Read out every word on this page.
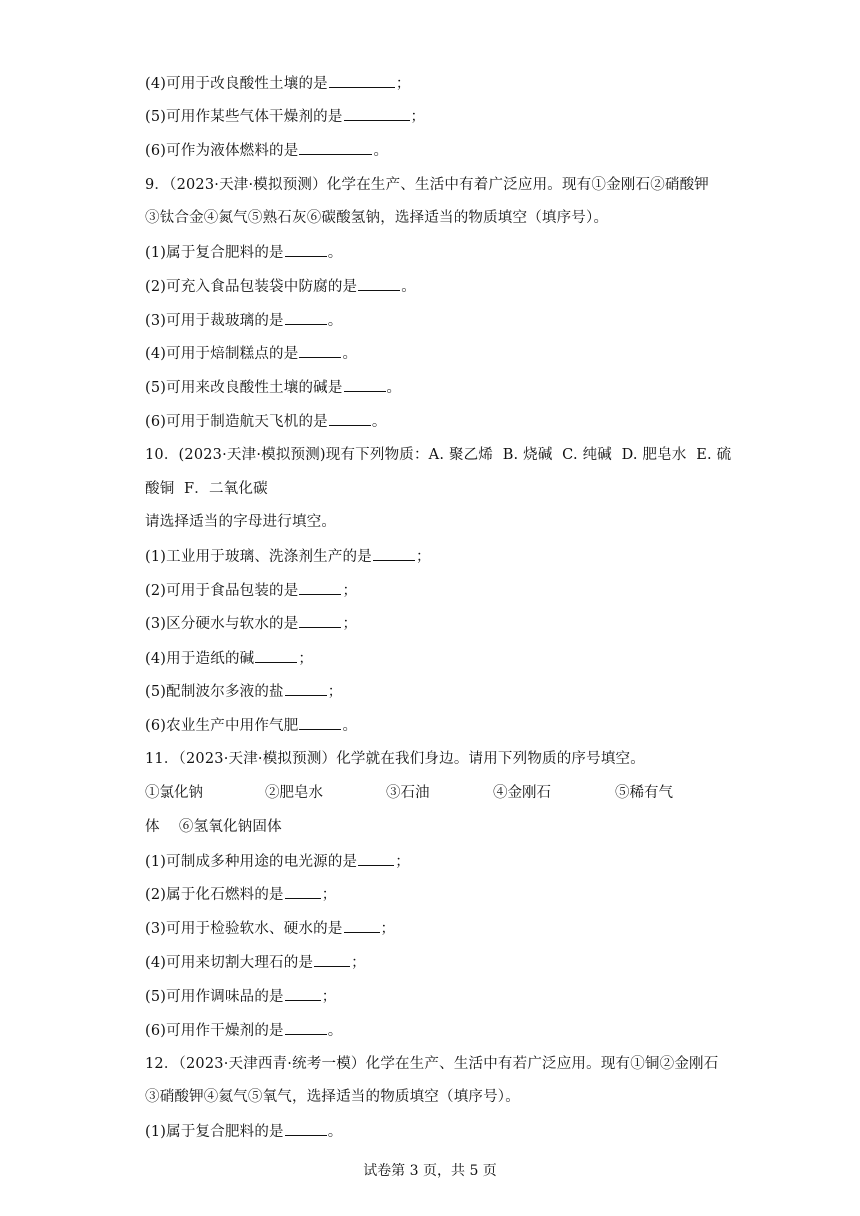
(4)可用于改良酸性土壤的是	；
(5)可用作某些气体干燥剂的是	；
(6)可作为液体燃料的是	。
9．（2023·天津·模拟预测）化学在生产、生活中有着广泛应用。现有①金刚石②硝酸钾
③钛合金④氮气⑤熟石灰⑥碳酸氢钠，选择适当的物质填空（填序号）。
(1)属于复合肥料的是	。
(2)可充入食品包装袋中防腐的是	。
(3)可用于裁玻璃的是	。
(4)可用于焙制糕点的是	。
(5)可用来改良酸性土壤的碱是	。
(6)可用于制造航天飞机的是	。
10．(2023·天津·模拟预测)现有下列物质：A. 聚乙烯  B. 烧碱  C. 纯碱  D. 肥皂水  E. 硫
酸铜  F．二氧化碳
请选择适当的字母进行填空。
(1)工业用于玻璃、洗涤剂生产的是	；
(2)可用于食品包装的是	；
(3)区分硬水与软水的是	；
(4)用于造纸的碱	；
(5)配制波尔多液的盐	；
(6)农业生产中用作气肥	。
11．（2023·天津·模拟预测）化学就在我们身边。请用下列物质的序号填空。
①氯化钠	②肥皂水	③石油	④金刚石	⑤稀有气
体    ⑥氢氧化钠固体
(1)可制成多种用途的电光源的是	；
(2)属于化石燃料的是	；
(3)可用于检验软水、硬水的是	；
(4)可用来切割大理石的是	；
(5)可用作调味品的是	；
(6)可用作干燥剂的是	。
12．（2023·天津西青·统考一模）化学在生产、生活中有若广泛应用。现有①铜②金刚石
③硝酸钾④氦气⑤氧气，选择适当的物质填空（填序号）。
(1)属于复合肥料的是	。
试卷第 3 页，共 5 页
